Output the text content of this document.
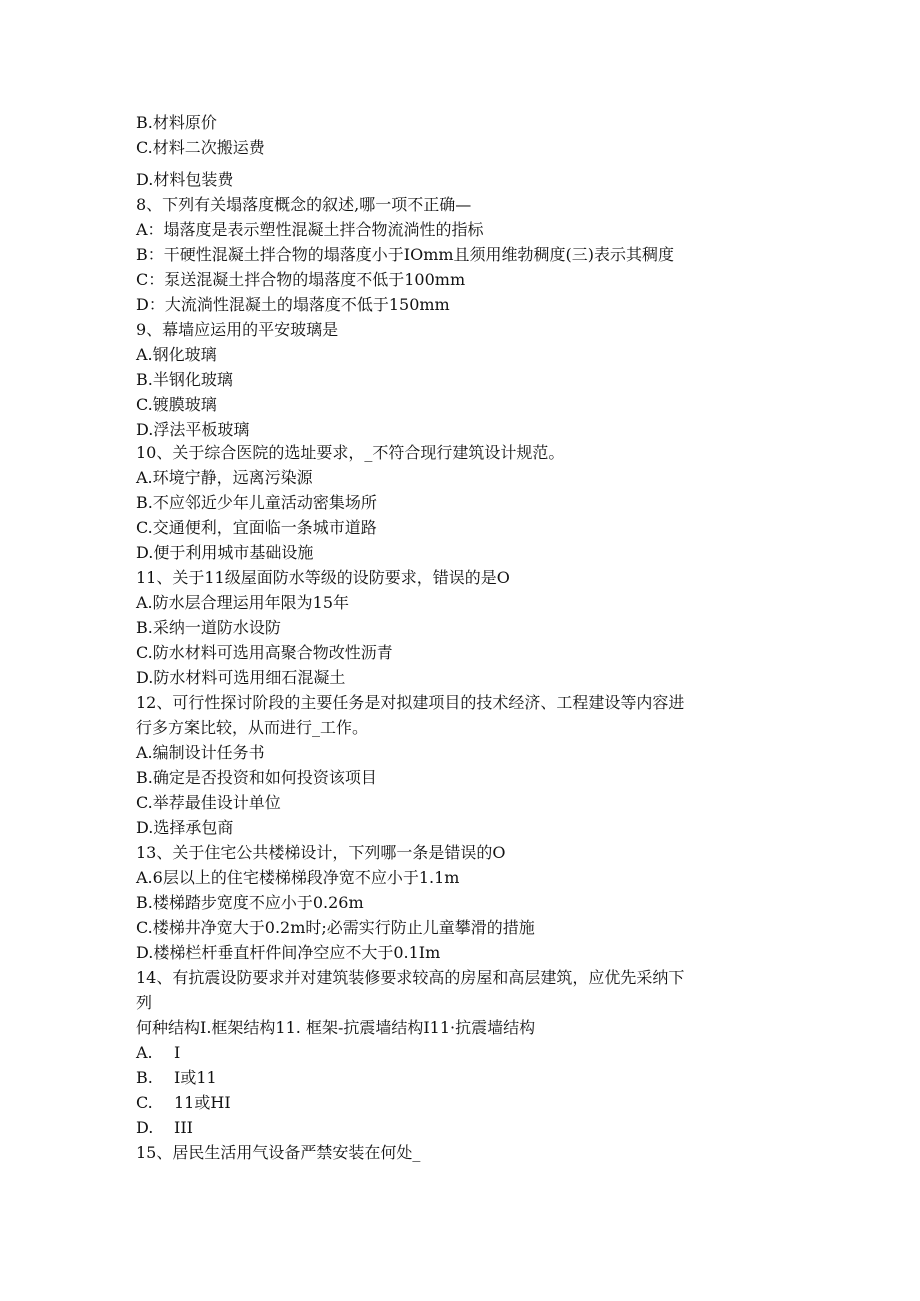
B.材料原价
C.材料二次搬运费
D.材料包装费
8、下列有关塌落度概念的叙述,哪一项不正确—
A：塌落度是表示塑性混凝土拌合物流淌性的指标
B：干硬性混凝土拌合物的塌落度小于IOmm且须用维勃稠度(三)表示其稠度
C：泵送混凝土拌合物的塌落度不低于100mm
D：大流淌性混凝土的塌落度不低于150mm
9、幕墙应运用的平安玻璃是
A.钢化玻璃
B.半钢化玻璃
C.镀膜玻璃
D.浮法平板玻璃
10、关于综合医院的选址要求，_不符合现行建筑设计规范。
A.环境宁静，远离污染源
B.不应邻近少年儿童活动密集场所
C.交通便利，宜面临一条城市道路
D.便于利用城市基础设施
11、关于11级屋面防水等级的设防要求，错误的是O
A.防水层合理运用年限为15年
B.采纳一道防水设防
C.防水材料可选用高聚合物改性沥青
D.防水材料可选用细石混凝土
12、可行性探讨阶段的主要任务是对拟建项目的技术经济、工程建设等内容进
行多方案比较，从而进行_工作。
A.编制设计任务书
B.确定是否投资和如何投资该项目
C.举荐最佳设计单位
D.选择承包商
13、关于住宅公共楼梯设计，下列哪一条是错误的O
A.6层以上的住宅楼梯梯段净宽不应小于1.1m
B.楼梯踏步宽度不应小于0.26m
C.楼梯井净宽大于0.2m时;必需实行防止儿童攀滑的措施
D.楼梯栏杆垂直杆件间净空应不大于0.1Im
14、有抗震设防要求并对建筑装修要求较高的房屋和高层建筑，应优先采纳下
列
何种结构I.框架结构11. 框架-抗震墙结构I11·抗震墙结构
A. I
B. I或11
C. 11或HI
D. III
15、居民生活用气设备严禁安装在何处_
